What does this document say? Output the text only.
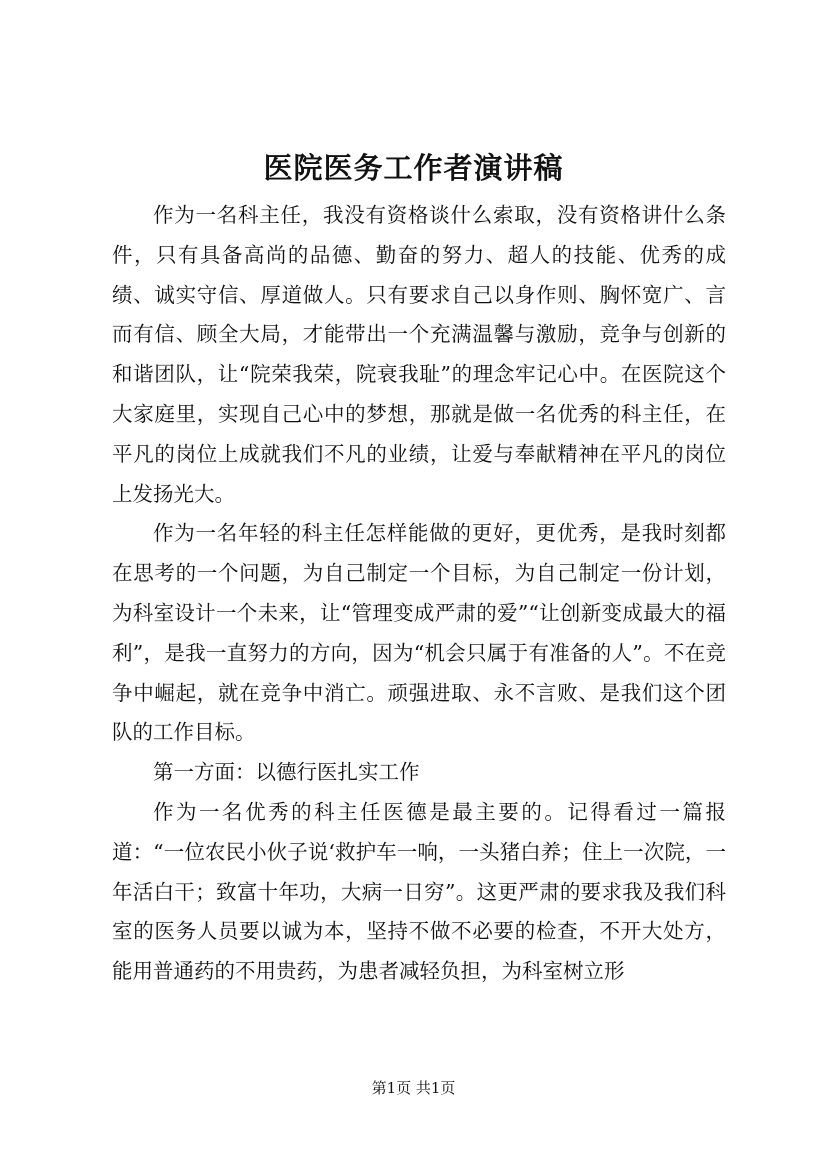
医院医务工作者演讲稿

作为一名科主任，我没有资格谈什么索取，没有资格讲什么条件，只有具备高尚的品德、勤奋的努力、超人的技能、优秀的成绩、诚实守信、厚道做人。只有要求自己以身作则、胸怀宽广、言而有信、顾全大局，才能带出一个充满温馨与激励，竞争与创新的和谐团队，让“院荣我荣，院衰我耻”的理念牢记心中。在医院这个大家庭里，实现自己心中的梦想，那就是做一名优秀的科主任，在平凡的岗位上成就我们不凡的业绩，让爱与奉献精神在平凡的岗位上发扬光大。

作为一名年轻的科主任怎样能做的更好，更优秀，是我时刻都在思考的一个问题，为自己制定一个目标，为自己制定一份计划，为科室设计一个未来，让“管理变成严肃的爱”“让创新变成最大的福利”，是我一直努力的方向，因为“机会只属于有准备的人”。不在竞争中崛起，就在竞争中消亡。顽强进取、永不言败、是我们这个团队的工作目标。

第一方面：以德行医扎实工作

作为一名优秀的科主任医德是最主要的。记得看过一篇报道：“一位农民小伙子说‘救护车一响，一头猪白养；住上一次院，一年活白干；致富十年功，大病一日穷”。这更严肃的要求我及我们科室的医务人员要以诚为本，坚持不做不必要的检查，不开大处方，能用普通药的不用贵药，为患者减轻负担，为科室树立形

第1页 共1页
